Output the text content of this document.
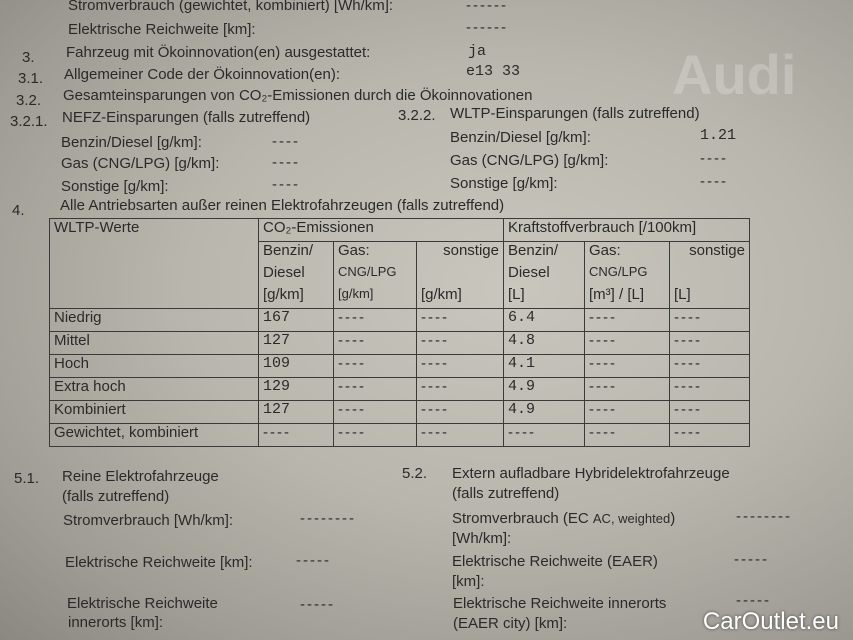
Audi
Stromverbrauch (gewichtet, kombiniert) [Wh/km]:	------
Elektrische Reichweite [km]:	------
3. Fahrzeug mit Ökoinnovation(en) ausgestattet:	ja
3.1. Allgemeiner Code der Ökoinnovation(en):	e13 33
3.2. Gesamteinsparungen von CO₂-Emissionen durch die Ökoinnovationen
3.2.1. NEFZ-Einsparungen (falls zutreffend)
Benzin/Diesel [g/km]:	----
Gas (CNG/LPG) [g/km]:	----
Sonstige [g/km]:	----
3.2.2. WLTP-Einsparungen (falls zutreffend)
Benzin/Diesel [g/km]:	1.21
Gas (CNG/LPG) [g/km]:	----
Sonstige [g/km]:	----
4. Alle Antriebsarten außer reinen Elektrofahrzeugen (falls zutreffend)
WLTP-Werte	CO₂-Emissionen			Kraftstoffverbrauch [/100km]		
	Benzin/	Gas:	sonstige	Benzin/	Gas:	sonstige
	Diesel	CNG/LPG		Diesel	CNG/LPG	
	[g/km]	[g/km]	[g/km]	[L]	[m³] / [L]	[L]
Niedrig	167	----	----	6.4	----	----
Mittel	127	----	----	4.8	----	----
Hoch	109	----	----	4.1	----	----
Extra hoch	129	----	----	4.9	----	----
Kombiniert	127	----	----	4.9	----	----
Gewichtet, kombiniert	----	----	----	----	----	----
5.1. Reine Elektrofahrzeuge
(falls zutreffend)
Stromverbrauch [Wh/km]:	--------
Elektrische Reichweite [km]:	-----
Elektrische Reichweite
innerorts [km]:
-----
5.2. Extern aufladbare Hybridelektrofahrzeuge
(falls zutreffend)
Stromverbrauch (EC AC, weighted)
[Wh/km]:
--------
Elektrische Reichweite (EAER)
[km]:
-----
Elektrische Reichweite innerorts
(EAER city) [km]:
-----
CarOutlet.eu
